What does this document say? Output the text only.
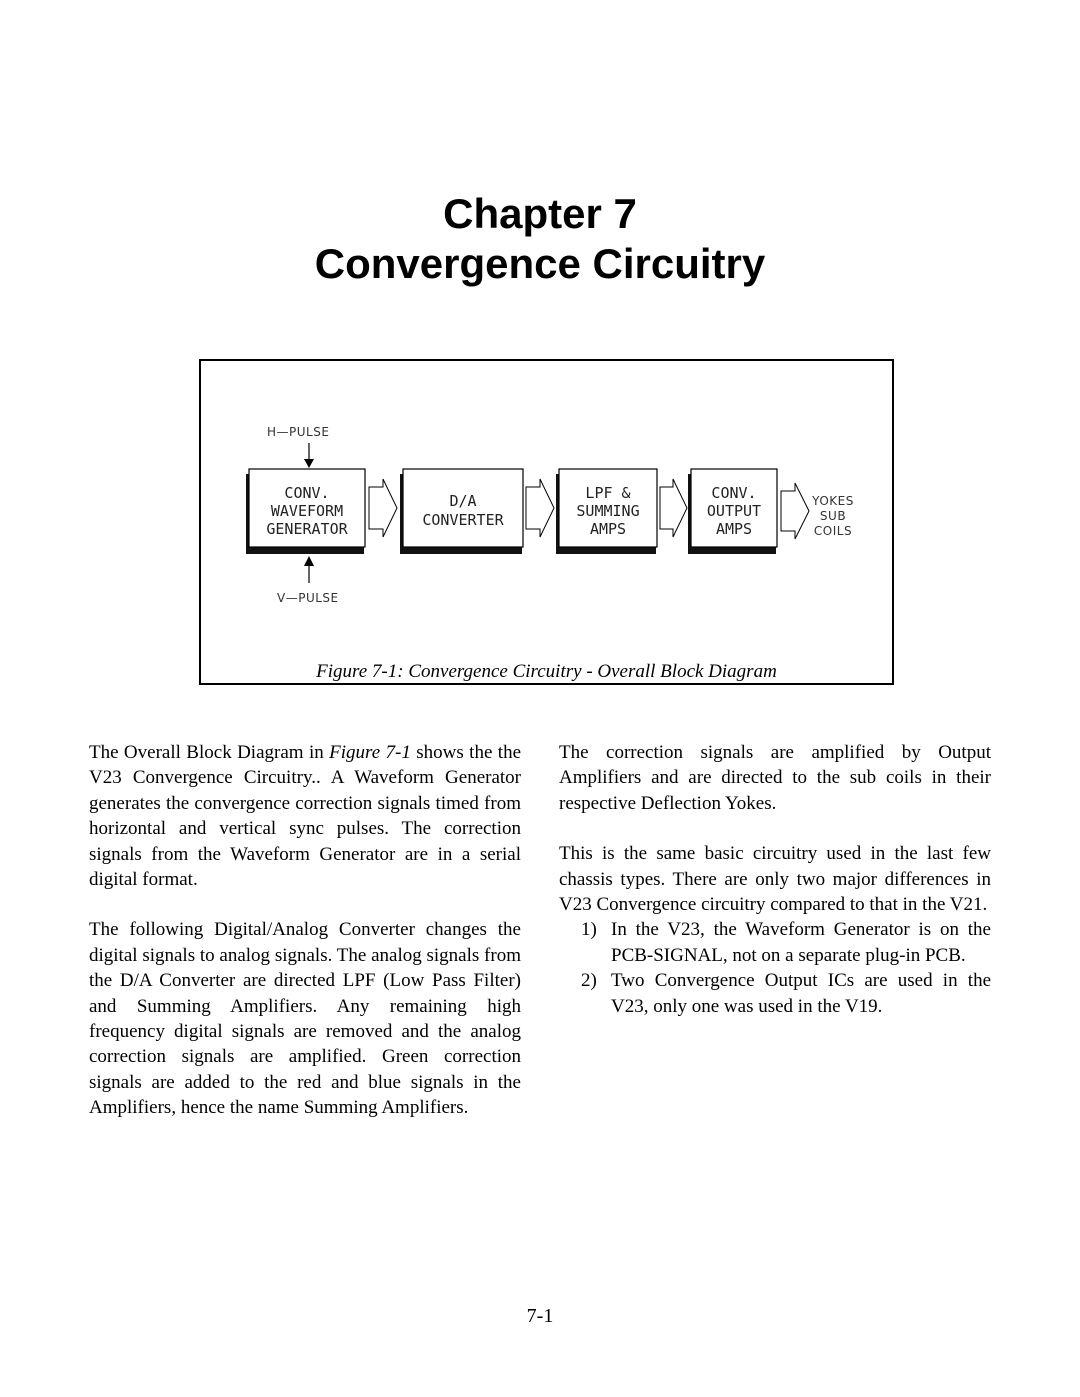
Chapter 7
Convergence Circuitry
H—PULSE
CONV.
WAVEFORM
GENERATOR
D/A
CONVERTER
LPF &
SUMMING
AMPS
CONV.
OUTPUT
AMPS
YOKES
SUB
COILS
V—PULSE
Figure 7-1: Convergence Circuitry - Overall Block Diagram

The Overall Block Diagram in Figure 7-1 shows the the V23 Convergence Circuitry.. A Waveform Generator generates the convergence correction signals timed from horizontal and vertical sync pulses. The correction signals from the Waveform Generator are in a serial digital format.

The following Digital/Analog Converter changes the digital signals to analog signals. The analog signals from the D/A Converter are directed LPF (Low Pass Filter) and Summing Amplifiers. Any remaining high frequency digital signals are removed and the analog correction signals are amplified. Green correction signals are added to the red and blue signals in the Amplifiers, hence the name Summing Amplifiers.

The correction signals are amplified by Output Amplifiers and are directed to the sub coils in their respective Deflection Yokes.

This is the same basic circuitry used in the last few chassis types. There are only two major differences in V23 Convergence circuitry compared to that in the V21.

1) In the V23, the Waveform Generator is on the PCB-SIGNAL, not on a separate plug-in PCB.
2) Two Convergence Output ICs are used in the V23, only one was used in the V19.
7-1
